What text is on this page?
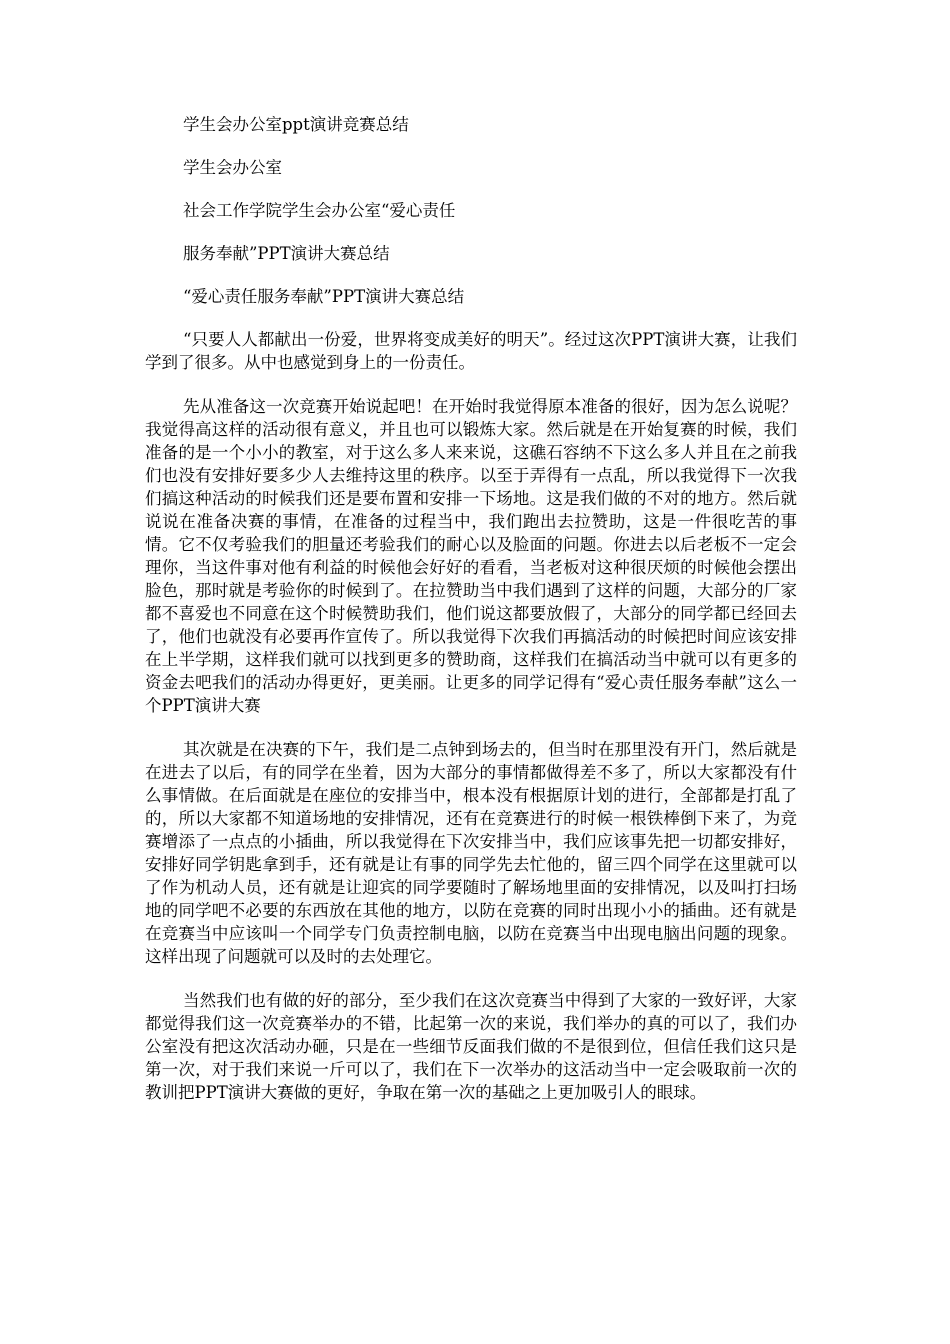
学生会办公室ppt演讲竞赛总结

学生会办公室

社会工作学院学生会办公室“爱心责任

服务奉献”PPT演讲大赛总结

“爱心责任服务奉献”PPT演讲大赛总结

“只要人人都献出一份爱，世界将变成美好的明天”。经过这次PPT演讲大赛，让我们学到了很多。从中也感觉到身上的一份责任。

先从准备这一次竞赛开始说起吧！在开始时我觉得原本准备的很好，因为怎么说呢？我觉得高这样的活动很有意义，并且也可以锻炼大家。然后就是在开始复赛的时候，我们准备的是一个小小的教室，对于这么多人来来说，这礁石容纳不下这么多人并且在之前我们也没有安排好要多少人去维持这里的秩序。以至于弄得有一点乱，所以我觉得下一次我们搞这种活动的时候我们还是要布置和安排一下场地。这是我们做的不对的地方。然后就说说在准备决赛的事情，在准备的过程当中，我们跑出去拉赞助，这是一件很吃苦的事情。它不仅考验我们的胆量还考验我们的耐心以及脸面的问题。你进去以后老板不一定会理你，当这件事对他有利益的时候他会好好的看看，当老板对这种很厌烦的时候他会摆出脸色，那时就是考验你的时候到了。在拉赞助当中我们遇到了这样的问题，大部分的厂家都不喜爱也不同意在这个时候赞助我们，他们说这都要放假了，大部分的同学都已经回去了，他们也就没有必要再作宣传了。所以我觉得下次我们再搞活动的时候把时间应该安排在上半学期，这样我们就可以找到更多的赞助商，这样我们在搞活动当中就可以有更多的资金去吧我们的活动办得更好，更美丽。让更多的同学记得有“爱心责任服务奉献”这么一个PPT演讲大赛

其次就是在决赛的下午，我们是二点钟到场去的，但当时在那里没有开门，然后就是在进去了以后，有的同学在坐着，因为大部分的事情都做得差不多了，所以大家都没有什么事情做。在后面就是在座位的安排当中，根本没有根据原计划的进行，全部都是打乱了的，所以大家都不知道场地的安排情况，还有在竞赛进行的时候一根铁棒倒下来了，为竞赛增添了一点点的小插曲，所以我觉得在下次安排当中，我们应该事先把一切都安排好，安排好同学钥匙拿到手，还有就是让有事的同学先去忙他的，留三四个同学在这里就可以了作为机动人员，还有就是让迎宾的同学要随时了解场地里面的安排情况，以及叫打扫场地的同学吧不必要的东西放在其他的地方，以防在竞赛的同时出现小小的插曲。还有就是在竞赛当中应该叫一个同学专门负责控制电脑，以防在竞赛当中出现电脑出问题的现象。这样出现了问题就可以及时的去处理它。

当然我们也有做的好的部分，至少我们在这次竞赛当中得到了大家的一致好评，大家都觉得我们这一次竞赛举办的不错，比起第一次的来说，我们举办的真的可以了，我们办公室没有把这次活动办砸，只是在一些细节反面我们做的不是很到位，但信任我们这只是第一次，对于我们来说一斤可以了，我们在下一次举办的这活动当中一定会吸取前一次的教训把PPT演讲大赛做的更好，争取在第一次的基础之上更加吸引人的眼球。
